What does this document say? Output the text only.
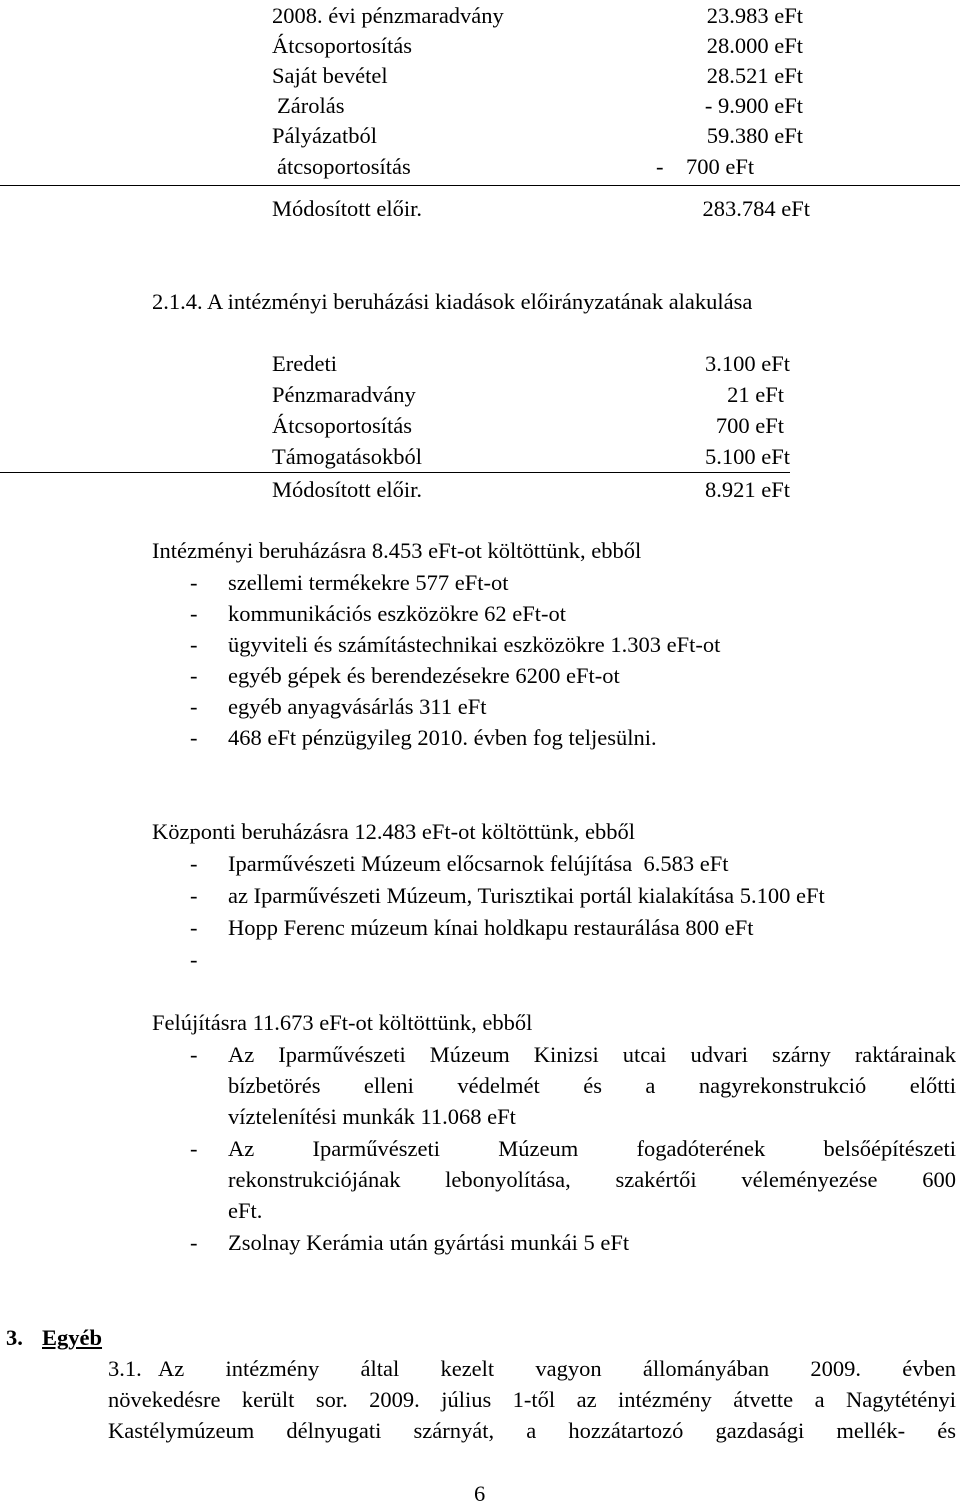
2008. évi pénzmaradvány	23.983 eFt
Átcsoportosítás	28.000 eFt
Saját bevétel	28.521 eFt
Zárolás	- 9.900 eFt
Pályázatból	59.380 eFt
átcsoportosítás	-    700 eFt
Módosított előir.	283.784 eFt
2.1.4. A intézményi beruházási kiadások előirányzatának alakulása
Eredeti	3.100 eFt
Pénzmaradvány	21 eFt
Átcsoportosítás	700 eFt
Támogatásokból	5.100 eFt
Módosított előir.	8.921 eFt
Intézményi beruházásra 8.453 eFt-ot költöttünk, ebből
- szellemi termékekre 577 eFt-ot
- kommunikációs eszközökre 62 eFt-ot
- ügyviteli és számítástechnikai eszközökre 1.303 eFt-ot
- egyéb gépek és berendezésekre 6200 eFt-ot
- egyéb anyagvásárlás 311 eFt
- 468 eFt pénzügyileg 2010. évben fog teljesülni.
Központi beruházásra 12.483 eFt-ot költöttünk, ebből
- Iparművészeti Múzeum előcsarnok felújítása  6.583 eFt
- az Iparművészeti Múzeum, Turisztikai portál kialakítása 5.100 eFt
- Hopp Ferenc múzeum kínai holdkapu restaurálása 800 eFt
-
Felújításra 11.673 eFt-ot költöttünk, ebből
- Az Iparművészeti Múzeum Kinizsi utcai udvari szárny raktárainak
bízbetörés elleni védelmét és a nagyrekonstrukció előtti
víztelenítési munkák 11.068 eFt
- Az Iparművészeti Múzeum fogadóterének belsőépítészeti
rekonstrukciójának lebonyolítása, szakértői véleményezése 600
eFt.
- Zsolnay Kerámia után gyártási munkái 5 eFt
3. Egyéb
3.1. Az intézmény által kezelt vagyon állományában 2009. évben
növekedésre került sor. 2009. július 1-től az intézmény átvette a Nagytétényi
Kastélymúzeum délnyugati szárnyát, a hozzátartozó gazdasági mellék- és
6
